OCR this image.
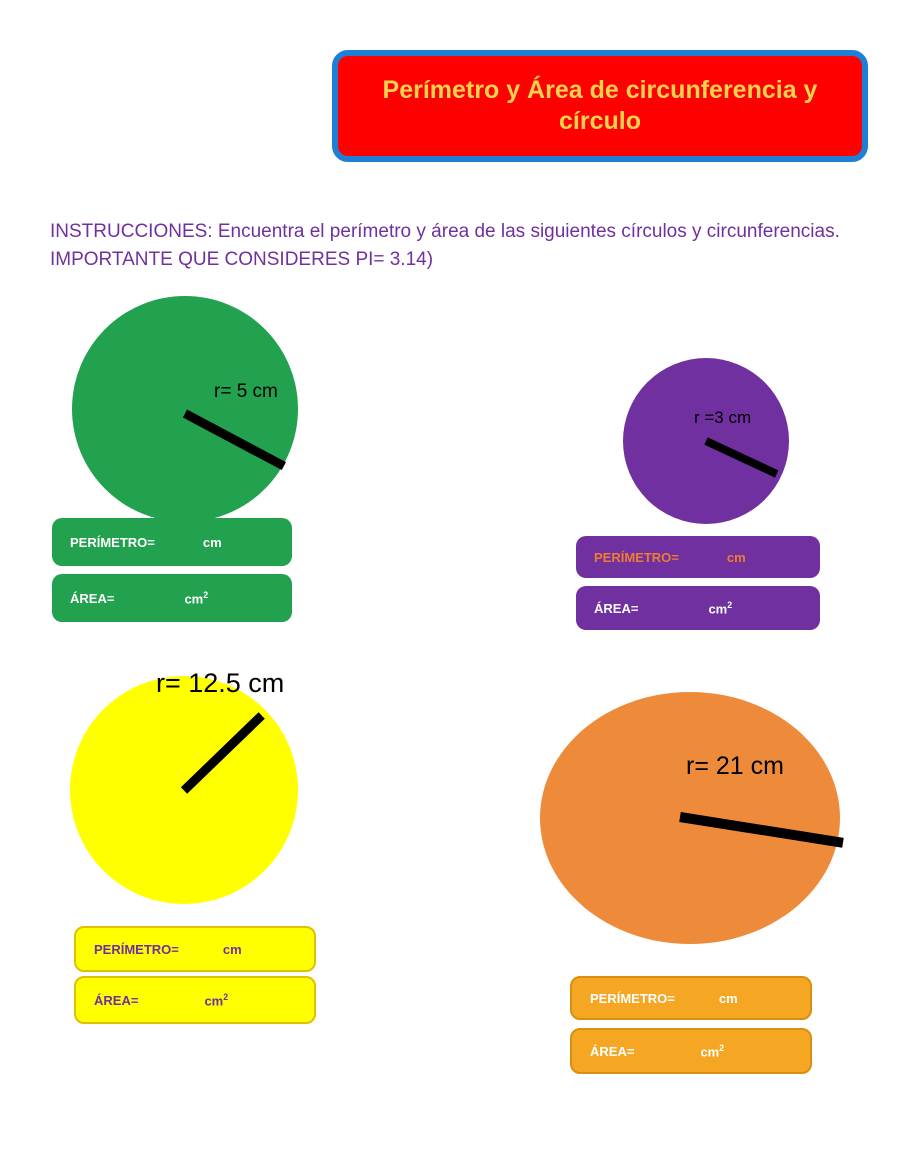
Perímetro y Área de circunferencia y
círculo
INSTRUCCIONES: Encuentra el perímetro y área de las siguientes círculos y circunferencias. IMPORTANTE QUE CONSIDERES PI= 3.14)
r= 5 cm
PERÍMETRO=	cm
ÁREA=	$cm^2$
r =3 cm
PERÍMETRO=	cm
ÁREA=	$cm^2$
r= 12.5 cm
PERÍMETRO=	cm
ÁREA=	$cm^2$
r= 21 cm
PERÍMETRO=	cm
ÁREA=	$cm^2$
